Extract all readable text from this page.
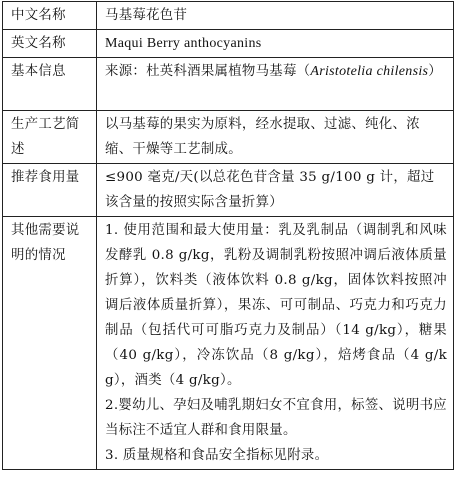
中文名称	马基莓花色苷
英文名称	Maqui Berry anthocyanins
基本信息	来源：杜英科酒果属植物马基莓（Aristotelia chilensis）
生产工艺简述	以马基莓的果实为原料，经水提取、过滤、纯化、浓缩、干燥等工艺制成。
推荐食用量	≤900 毫克/天(以总花色苷含量 35 g/100 g 计，超过该含量的按照实际含量折算）
其他需要说明的情况	1. 使用范围和最大使用量：乳及乳制品（调制乳和风味发酵乳 0.8 g/kg，乳粉及调制乳粉按照冲调后液体质量折算），饮料类（液体饮料 0.8 g/kg，固体饮料按照冲调后液体质量折算），果冻、可可制品、巧克力和巧克力制品（包括代可可脂巧克力及制品）（14 g/kg），糖果（40 g/kg），冷冻饮品（8 g/kg），焙烤食品（4 g/kg），酒类（4 g/kg）。
2.婴幼儿、孕妇及哺乳期妇女不宜食用，标签、说明书应当标注不适宜人群和食用限量。
3. 质量规格和食品安全指标见附录。
